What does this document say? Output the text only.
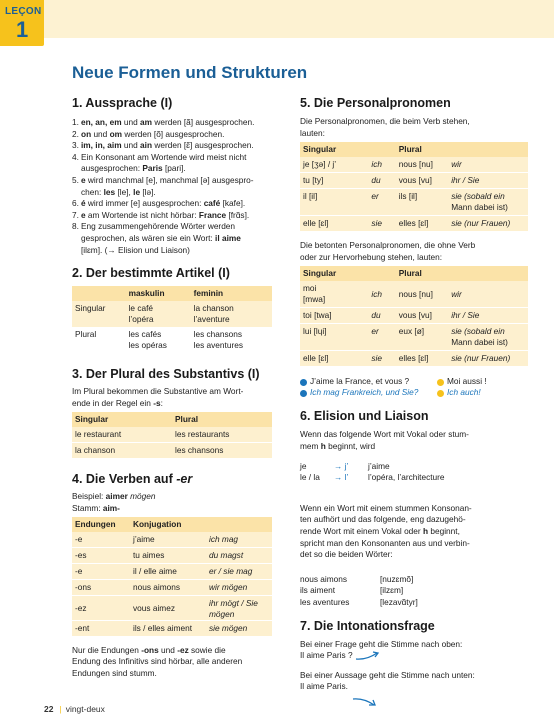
LEÇON
1
Neue Formen und Strukturen
1. Aussprache (I)
1. en, an, em und am werden [ã] ausgesprochen.
2. on und om werden [õ] ausgesprochen.
3. im, in, aim und ain werden [ɛ̃] ausgesprochen.
4. Ein Konsonant am Wortende wird meist nicht
ausgesprochen: Paris [pari].
5. e wird manchmal [e], manchmal [ə] ausgespro-
chen: les [le], le [lə].
6. é wird immer [e] ausgesprochen: café [kafe].
7. e am Wortende ist nicht hörbar: France [frɑ̃s].
8. Eng zusammengehörende Wörter werden
gesprochen, als wären sie ein Wort: il aime
[ilɛm]. (→ Elision und Liaison)
2. Der bestimmte Artikel (I)
	maskulin	feminin
Singular	le café	la chanson
	l’opéra	l’aventure
Plural	les cafés	les chansons
	les opéras	les aventures
3. Der Plural des Substantivs (I)
Im Plural bekommen die Substantive am Wort-
ende in der Regel ein -s:
Singular	Plural
le restaurant	les restaurants
la chanson	les chansons
4. Die Verben auf -er
Beispiel: aimer mögen
Stamm: aim-
Endungen	Konjugation	
-e	j’aime	ich mag
-es	tu aimes	du magst
-e	il / elle aime	er / sie mag
-ons	nous aimons	wir mögen
-ez	vous aimez	ihr mögt / Sie
mögen
-ent	ils / elles aiment	sie mögen
Nur die Endungen -ons und -ez sowie die
Endung des Infinitivs sind hörbar, alle anderen
Endungen sind stumm.
5. Die Personalpronomen
Die Personalpronomen, die beim Verb stehen,
lauten:
Singular		Plural	
je [ʒə] / j’	ich	nous [nu]	wir
tu [ty]	du	vous [vu]	ihr / Sie
il [il]	er	ils [il]	sie (sobald ein
Mann dabei ist)
elle [ɛl]	sie	elles [ɛl]	sie (nur Frauen)
Die betonten Personalpronomen, die ohne Verb
oder zur Hervorhebung stehen, lauten:
Singular		Plural	
moi
[mwa]	ich	nous [nu]	wir
toi [twa]	du	vous [vu]	ihr / Sie
lui [lɥi]	er	eux [ø]	sie (sobald ein
Mann dabei ist)
elle [ɛl]	sie	elles [ɛl]	sie (nur Frauen)
J’aime la France, et vous ?
Ich mag Frankreich, und Sie?
Moi aussi !
Ich auch!
6. Elision und Liaison
Wenn das folgende Wort mit Vokal oder stum-
mem h beginnt, wird
je	→ j’	j’aime
le / la	→ l’	l’opéra, l’architecture
Wenn ein Wort mit einem stummen Konsonan-
ten aufhört und das folgende, eng dazugehö-
rende Wort mit einem Vokal oder h beginnt,
spricht man den Konsonanten aus und verbin-
det so die beiden Wörter:
nous aimons	[nuzɛmõ]
ils aiment	[ilzɛm]
les aventures	[lezavɑ̃tyr]
7. Die Intonationsfrage
Bei einer Frage geht die Stimme nach oben:
Il aime Paris ?
Bei einer Aussage geht die Stimme nach unten:
Il aime Paris.
22 | vingt-deux
